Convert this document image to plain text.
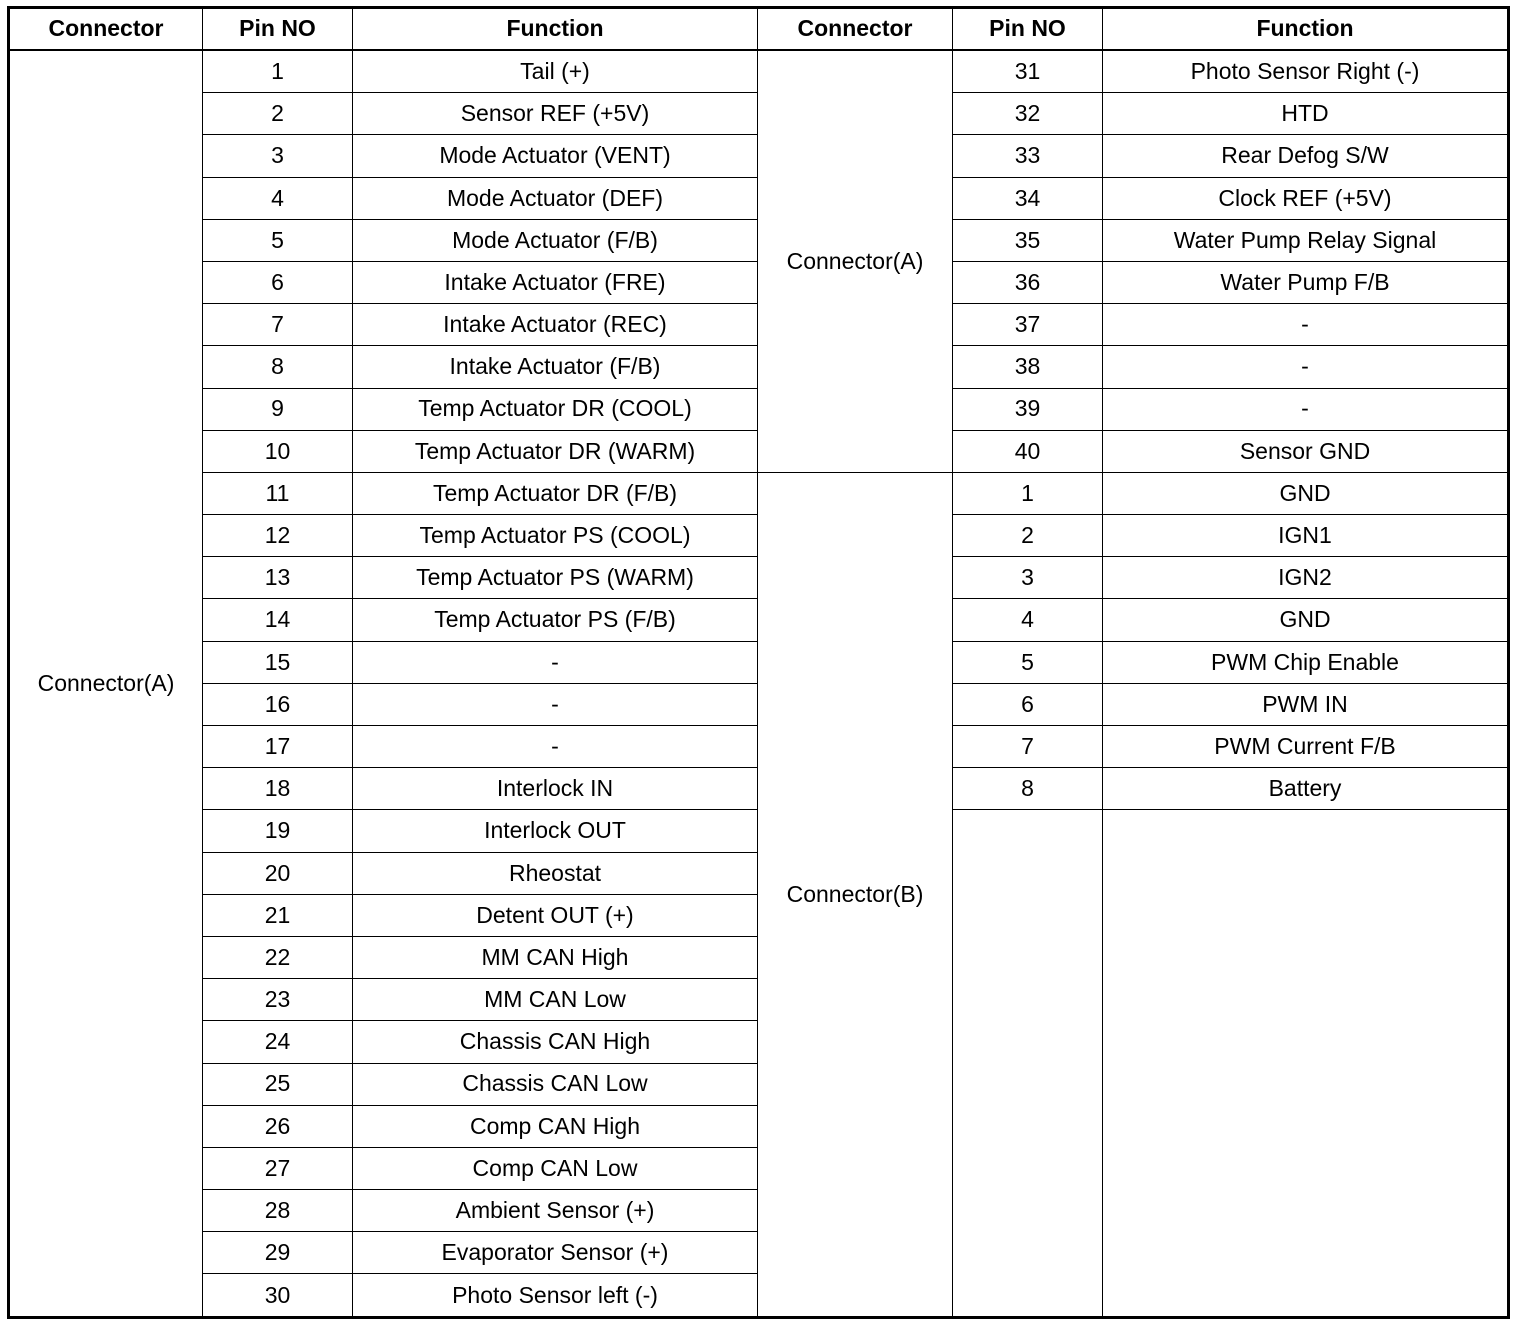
Connector	Pin NO	Function	Connector	Pin NO	Function
Connector(A)	1	Tail (+)	Connector(A)	31	Photo Sensor Right (-)
	2	Sensor REF (+5V)		32	HTD
	3	Mode Actuator (VENT)		33	Rear Defog S/W
	4	Mode Actuator (DEF)		34	Clock REF (+5V)
	5	Mode Actuator (F/B)		35	Water Pump Relay Signal
	6	Intake Actuator (FRE)		36	Water Pump F/B
	7	Intake Actuator (REC)		37	-
	8	Intake Actuator (F/B)		38	-
	9	Temp Actuator DR (COOL)		39	-
	10	Temp Actuator DR (WARM)		40	Sensor GND
	11	Temp Actuator DR (F/B)	Connector(B)	1	GND
	12	Temp Actuator PS (COOL)		2	IGN1
	13	Temp Actuator PS (WARM)		3	IGN2
	14	Temp Actuator PS (F/B)		4	GND
	15	-		5	PWM Chip Enable
	16	-		6	PWM IN
	17	-		7	PWM Current F/B
	18	Interlock IN		8	Battery
	19	Interlock OUT			
	20	Rheostat			
	21	Detent OUT (+)			
	22	MM CAN High			
	23	MM CAN Low			
	24	Chassis CAN High			
	25	Chassis CAN Low			
	26	Comp CAN High			
	27	Comp CAN Low			
	28	Ambient Sensor (+)			
	29	Evaporator Sensor (+)			
	30	Photo Sensor left (-)			
